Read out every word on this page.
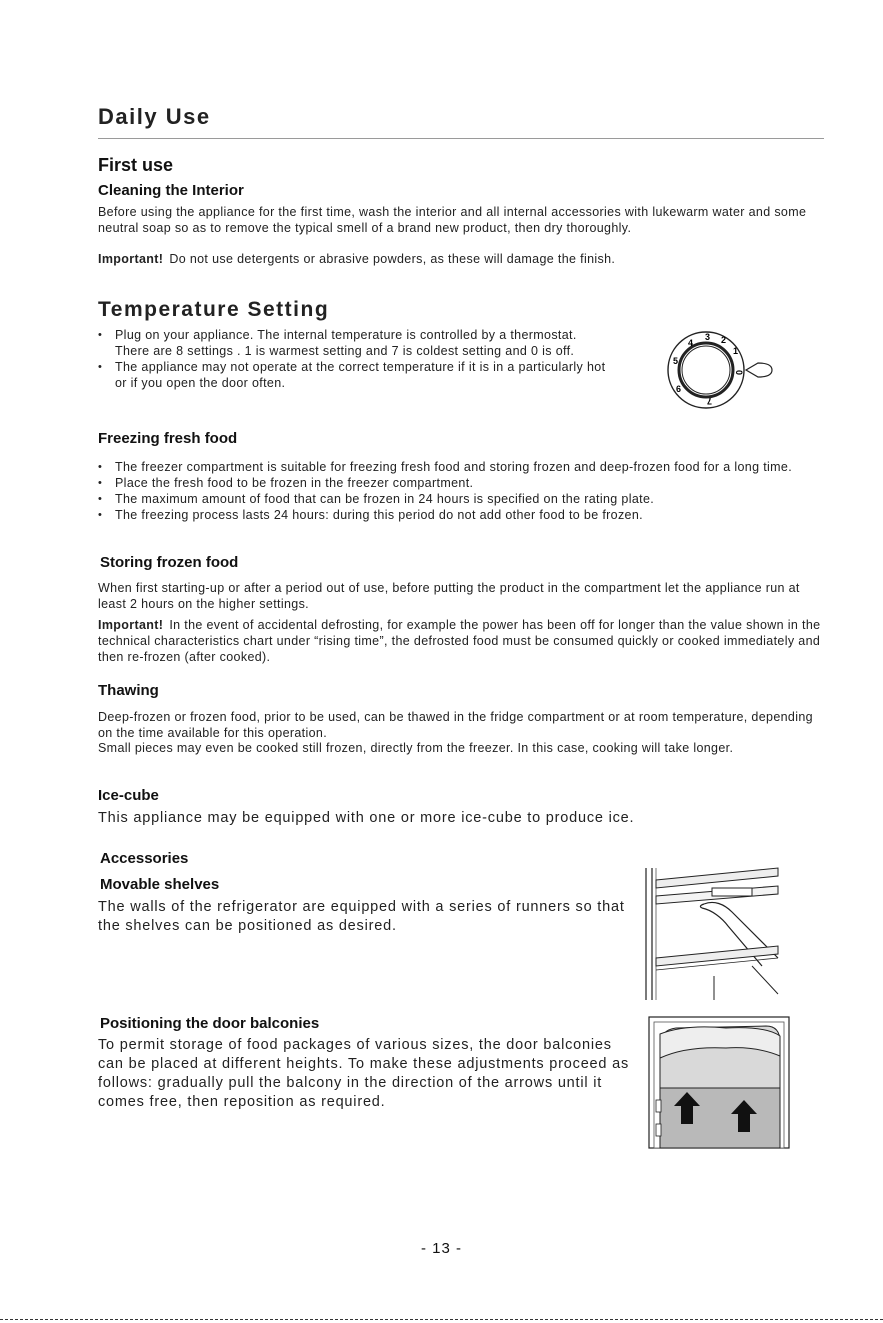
Daily Use
First use
Cleaning the Interior
Before using the appliance for the first time, wash the interior and all internal accessories with lukewarm water and some neutral soap so as to remove the typical smell of a brand new product, then dry thoroughly.
Important! Do not use detergents or abrasive powders, as these will damage the finish.
Temperature Setting
• Plug on your appliance. The internal temperature is controlled by a thermostat. There are 8 settings . 1 is warmest setting and 7 is coldest setting and 0 is off.
• The appliance may not operate at the correct temperature if it is in a particularly hot or if you open the door often.
0
1
2
3
4
5
6
7
Freezing fresh food
• The freezer compartment is suitable for freezing fresh food and storing frozen and deep-frozen food for a long time.
• Place the fresh food to be frozen in the freezer compartment.
• The maximum amount of food that can be frozen in 24 hours is specified on the rating plate.
• The freezing process lasts 24 hours: during this period do not add other food to be frozen.
Storing frozen food
When first starting-up or after a period out of use, before putting the product in the compartment let the appliance run at least 2 hours on the higher settings.
Important! In the event of accidental defrosting, for example the power has been off for longer than the value shown in the technical characteristics chart under “rising time”, the defrosted food must be consumed quickly or cooked immediately and then re-frozen (after cooked).
Thawing
Deep-frozen or frozen food, prior to be used, can be thawed in the fridge compartment or at room temperature, depending on the time available for this operation.
Small pieces may even be cooked still frozen, directly from the freezer. In this case, cooking will take longer.
Ice-cube
This appliance may be equipped with one or more ice-cube to produce ice.
Accessories
Movable shelves
The walls of the refrigerator are equipped with a series of runners so that the shelves can be positioned as desired.
Positioning the door balconies
To permit storage of food packages of various sizes, the door balconies can be placed at different heights. To make these adjustments proceed as follows: gradually pull the balcony in the direction of the arrows until it comes free, then reposition as required.
- 13 -
